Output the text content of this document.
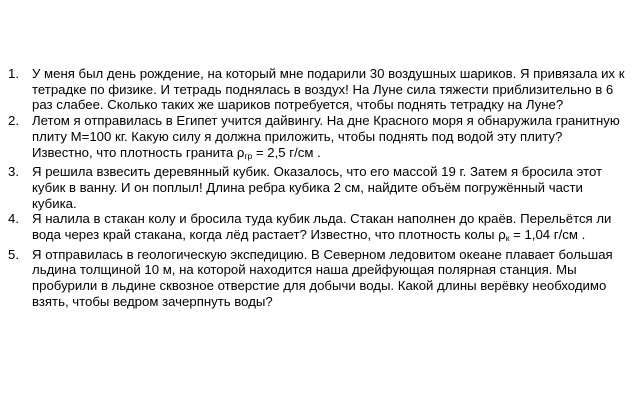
1. У меня был день рождение, на который мне подарили 30 воздушных шариков. Я привязала их к тетрадке по физике. И тетрадь поднялась в воздух! На Луне сила тяжести приблизительно в 6 раз слабее. Сколько таких же шариков потребуется, чтобы поднять тетрадку на Луне?
2. Летом я отправилась в Египет учится дайвингу. На дне Красного моря я обнаружила гранитную плиту M=100 кг. Какую силу я должна приложить, чтобы поднять под водой эту плиту? Известно, что плотность гранита $\rho_{гр} = 2,5$ г/см .
3. Я решила взвесить деревянный кубик. Оказалось, что его массой 19 г. Затем я бросила этот кубик в ванну. И он поплыл! Длина ребра кубика 2 см, найдите объём погружённый части кубика.
4. Я налила в стакан колу и бросила туда кубик льда. Стакан наполнен до краёв. Перельётся ли вода через край стакана, когда лёд растает? Известно, что плотность колы $\rho_к = 1,04$ г/см .
5. Я отправилась в геологическую экспедицию. В Северном ледовитом океане плавает большая льдина толщиной 10 м, на которой находится наша дрейфующая полярная станция. Мы пробурили в льдине сквозное отверстие для добычи воды. Какой длины верёвку необходимо взять, чтобы ведром зачерпнуть воды?
